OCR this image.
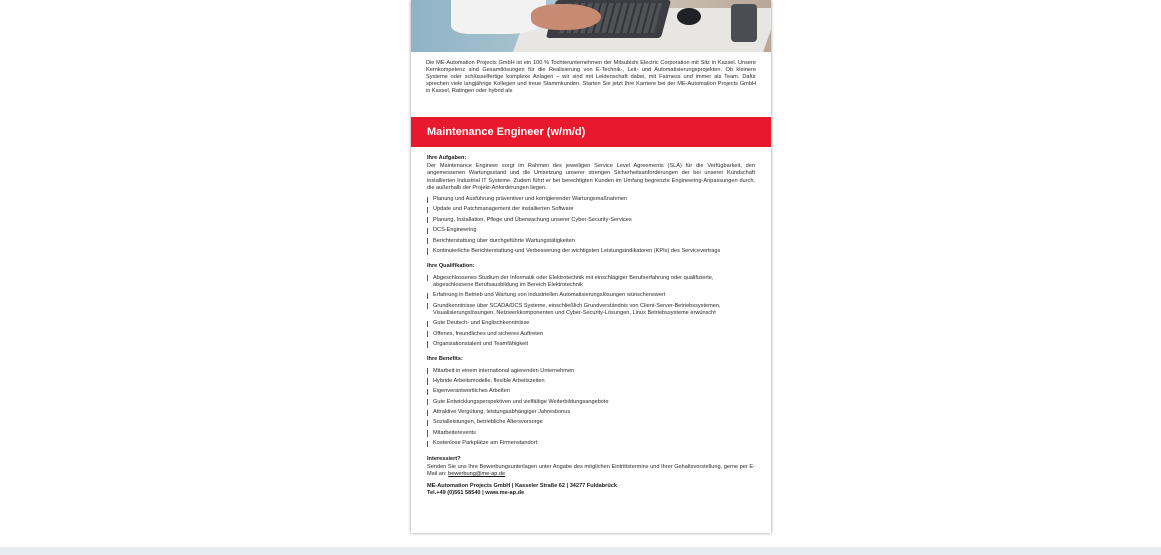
Die ME-Automation Projects GmbH ist ein 100 % Tochterunternehmen der Mitsubishi Electric Corporation mit Sitz in Kassel. Unsere Kernkompetenz sind Gesamtlösungen für die Realisierung von E-Technik-, Leit- und Automatisierungsprojekten. Ob kleinere Systeme oder schlüsselfertige komplexe Anlagen – wir sind mit Leidenschaft dabei, mit Fairness und immer als Team. Dafür sprechen viele langjährige Kollegen und treue Stammkunden. Starten Sie jetzt Ihre Karriere bei der ME-Automation Projects GmbH in Kassel, Ratingen oder hybrid als

Maintenance Engineer (w/m/d)
Ihre Aufgaben:

Der Maintenance Engineer sorgt im Rahmen des jeweiligen Service Level Agreements (SLA) für die Verfügbarkeit, den angemessenen Wartungsstand und die Umsetzung unserer strengen Sicherheitsanforderungen der bei unserer Kundschaft installierten Industrial IT Systeme. Zudem führt er bei berechtigten Kunden im Umfang begrenzte Engineering-Anpassungen durch, die außerhalb der Projekt-Anforderungen liegen.

Planung und Ausführung präventiver und korrigierender Wartungsmaßnahmen
Update und Patchmanagement der installierten Software
Planung, Installation, Pflege und Überwachung unserer Cyber-Security-Services
DCS-Engineering
Berichterstattung über durchgeführte Wartungstätigkeiten
Kontinuierliche Berichterstattung und Verbesserung der wichtigsten Leistungsindikatoren (KPIs) des Servicevertrags
Ihre Qualifikation:
Abgeschlossenes Studium der Informatik oder Elektrotechnik mit einschlägiger Berufserfahrung oder qualifizierte, abgeschlossene Berufsausbildung im Bereich Elektrotechnik
Erfahrung in Betrieb und Wartung von industriellen Automatisierungslösungen wünschenswert
Grundkenntnisse über SCADA/DCS Systeme, einschließlich Grundverständnis von Client-Server-Betriebssystemen, Visualisierungslösungen, Netzwerkkomponenten und Cyber-Security-Lösungen, Linux Betriebssysteme erwünscht
Gute Deutsch- und Englischkenntnisse
Offenes, freundliches und sicheres Auftreten
Organisationstalent und Teamfähigkeit
Ihre Benefits:
Mitarbeit in einem international agierenden Unternehmen
Hybride Arbeitsmodelle, flexible Arbeitszeiten
Eigenverantwortliches Arbeiten
Gute Entwicklungsperspektiven und vielfältige Weiterbildungsangebote
Attraktive Vergütung, leistungsabhängiger Jahresbonus
Sozialleistungen, betriebliche Altersvorsorge
Mitarbeiterevents
Kostenlose Parkplätze am Firmenstandort
Interessiert?

Senden Sie uns Ihre Bewerbungsunterlagen unter Angabe des möglichen Eintrittstermins und Ihrer Gehaltsvorstellung, gerne per E-Mail an: bewerbung@me-ap.de

ME-Automation Projects GmbH | Kasseler Straße 62 | 34277 Fuldabrück
Tel.+49 (0)561 58540 | www.me-ap.de
